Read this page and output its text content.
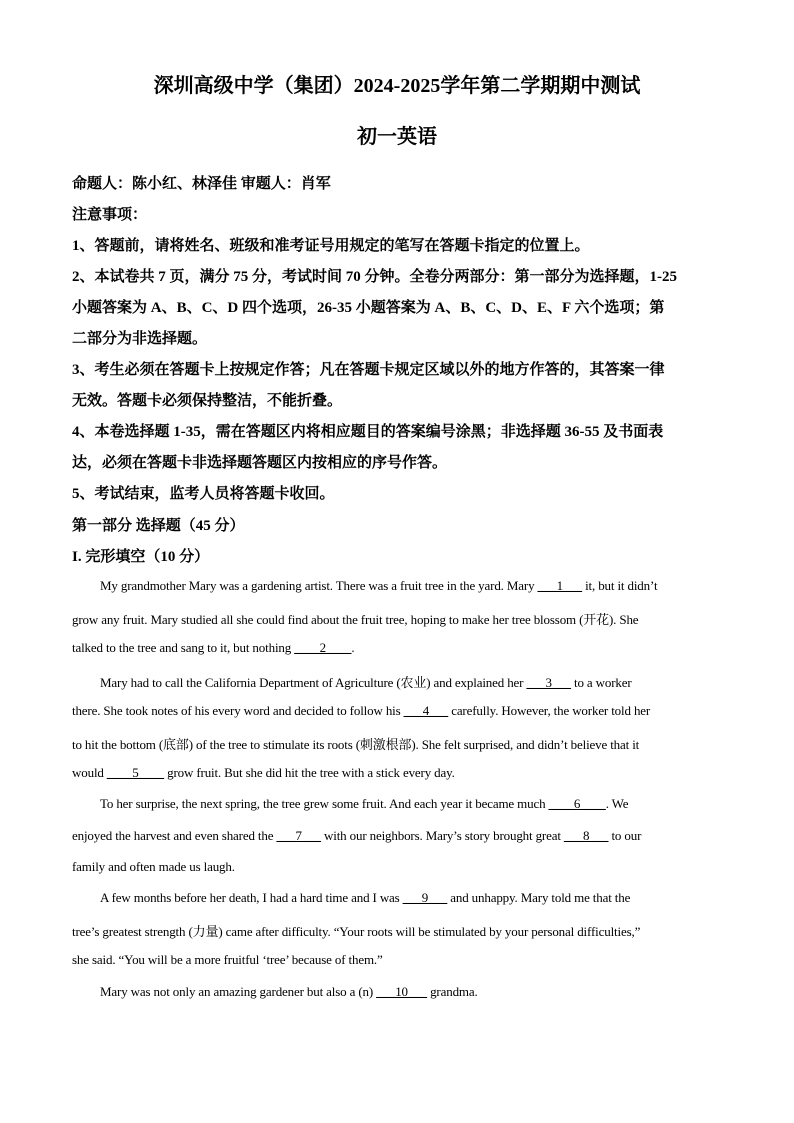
深圳高级中学（集团）2024-2025学年第二学期期中测试
初一英语
命题人：陈小红、林泽佳 审题人：肖军
注意事项：
1、答题前，请将姓名、班级和准考证号用规定的笔写在答题卡指定的位置上。
2、本试卷共 7 页，满分 75 分，考试时间 70 分钟。全卷分两部分：第一部分为选择题，1-25
小题答案为 A、B、C、D 四个选项，26-35 小题答案为 A、B、C、D、E、F 六个选项；第
二部分为非选择题。
3、考生必须在答题卡上按规定作答；凡在答题卡规定区域以外的地方作答的，其答案一律
无效。答题卡必须保持整洁，不能折叠。
4、本卷选择题 1-35，需在答题区内将相应题目的答案编号涂黑；非选择题 36-55 及书面表
达，必须在答题卡非选择题答题区内按相应的序号作答。
5、考试结束，监考人员将答题卡收回。
第一部分 选择题（45 分）
I. 完形填空（10 分）
My grandmother Mary was a gardening artist. There was a fruit tree in the yard. Mary ___1___ it, but it didn’t
grow any fruit. Mary studied all she could find about the fruit tree, hoping to make her tree blossom (开花). She
talked to the tree and sang to it, but nothing ____2____.
Mary had to call the California Department of Agriculture (农业) and explained her ___3___ to a worker
there. She took notes of his every word and decided to follow his ___4___ carefully. However, the worker told her
to hit the bottom (底部) of the tree to stimulate its roots (刺激根部). She felt surprised, and didn’t believe that it
would ____5____ grow fruit. But she did hit the tree with a stick every day.
To her surprise, the next spring, the tree grew some fruit. And each year it became much ____6____. We
enjoyed the harvest and even shared the ___7___ with our neighbors. Mary’s story brought great ___8___ to our
family and often made us laugh.
A few months before her death, I had a hard time and I was ___9___ and unhappy. Mary told me that the
tree’s greatest strength (力量) came after difficulty. “Your roots will be stimulated by your personal difficulties,”
she said. “You will be a more fruitful ‘tree’ because of them.”
Mary was not only an amazing gardener but also a (n) ___10___ grandma.
